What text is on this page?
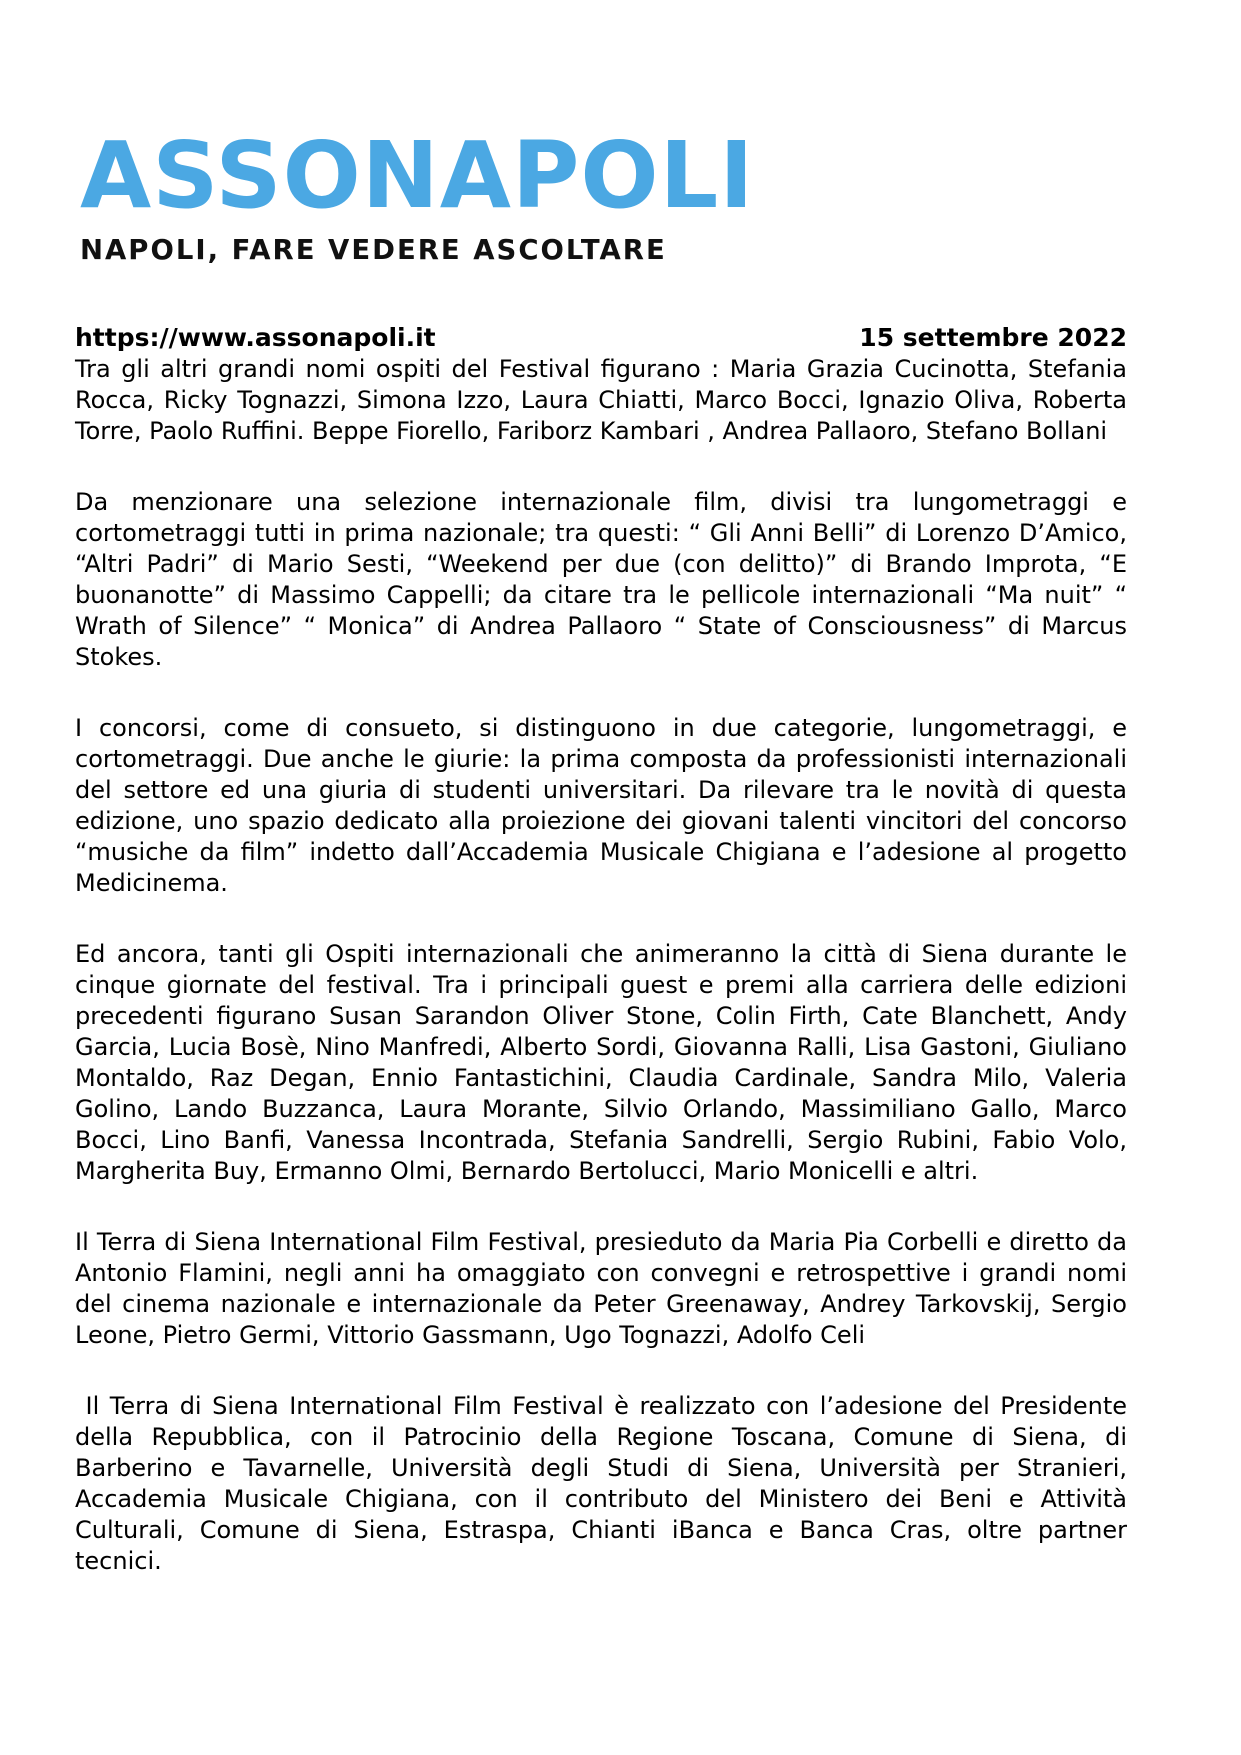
ASSONAPOLI
NAPOLI, FARE VEDERE ASCOLTARE
https://www.assonapoli.it	15 settembre 2022

Tra gli altri grandi nomi ospiti del Festival figurano : Maria Grazia Cucinotta, Stefania Rocca, Ricky Tognazzi, Simona Izzo, Laura Chiatti, Marco Bocci, Ignazio Oliva, Roberta Torre, Paolo Ruffini. Beppe Fiorello, Fariborz Kambari , Andrea Pallaoro, Stefano Bollani

Da menzionare una selezione internazionale film, divisi tra lungometraggi e cortometraggi tutti in prima nazionale; tra questi: “ Gli Anni Belli” di Lorenzo D’Amico, “Altri Padri” di Mario Sesti, “Weekend per due (con delitto)” di Brando Improta, “E buonanotte” di Massimo Cappelli; da citare tra le pellicole internazionali “Ma nuit” “ Wrath of Silence” “ Monica” di Andrea Pallaoro “ State of Consciousness” di Marcus Stokes.

I concorsi, come di consueto, si distinguono in due categorie, lungometraggi, e cortometraggi. Due anche le giurie: la prima composta da professionisti internazionali del settore ed una giuria di studenti universitari. Da rilevare tra le novità di questa edizione, uno spazio dedicato alla proiezione dei giovani talenti vincitori del concorso “musiche da film” indetto dall’Accademia Musicale Chigiana e l’adesione al progetto Medicinema.

Ed ancora, tanti gli Ospiti internazionali che animeranno la città di Siena durante le cinque giornate del festival. Tra i principali guest e premi alla carriera delle edizioni precedenti figurano Susan Sarandon Oliver Stone, Colin Firth, Cate Blanchett, Andy Garcia, Lucia Bosè, Nino Manfredi, Alberto Sordi, Giovanna Ralli, Lisa Gastoni, Giuliano Montaldo, Raz Degan, Ennio Fantastichini, Claudia Cardinale, Sandra Milo, Valeria Golino, Lando Buzzanca, Laura Morante, Silvio Orlando, Massimiliano Gallo, Marco Bocci, Lino Banfi, Vanessa Incontrada, Stefania Sandrelli, Sergio Rubini, Fabio Volo, Margherita Buy, Ermanno Olmi, Bernardo Bertolucci, Mario Monicelli e altri.

Il Terra di Siena International Film Festival, presieduto da Maria Pia Corbelli e diretto da Antonio Flamini, negli anni ha omaggiato con convegni e retrospettive i grandi nomi del cinema nazionale e internazionale da Peter Greenaway, Andrey Tarkovskij, Sergio Leone, Pietro Germi, Vittorio Gassmann, Ugo Tognazzi, Adolfo Celi

Il Terra di Siena International Film Festival è realizzato con l’adesione del Presidente della Repubblica, con il Patrocinio della Regione Toscana, Comune di Siena, di Barberino e Tavarnelle, Università degli Studi di Siena, Università per Stranieri, Accademia Musicale Chigiana, con il contributo del Ministero dei Beni e Attività Culturali, Comune di Siena, Estraspa, Chianti iBanca e Banca Cras, oltre partner tecnici.
